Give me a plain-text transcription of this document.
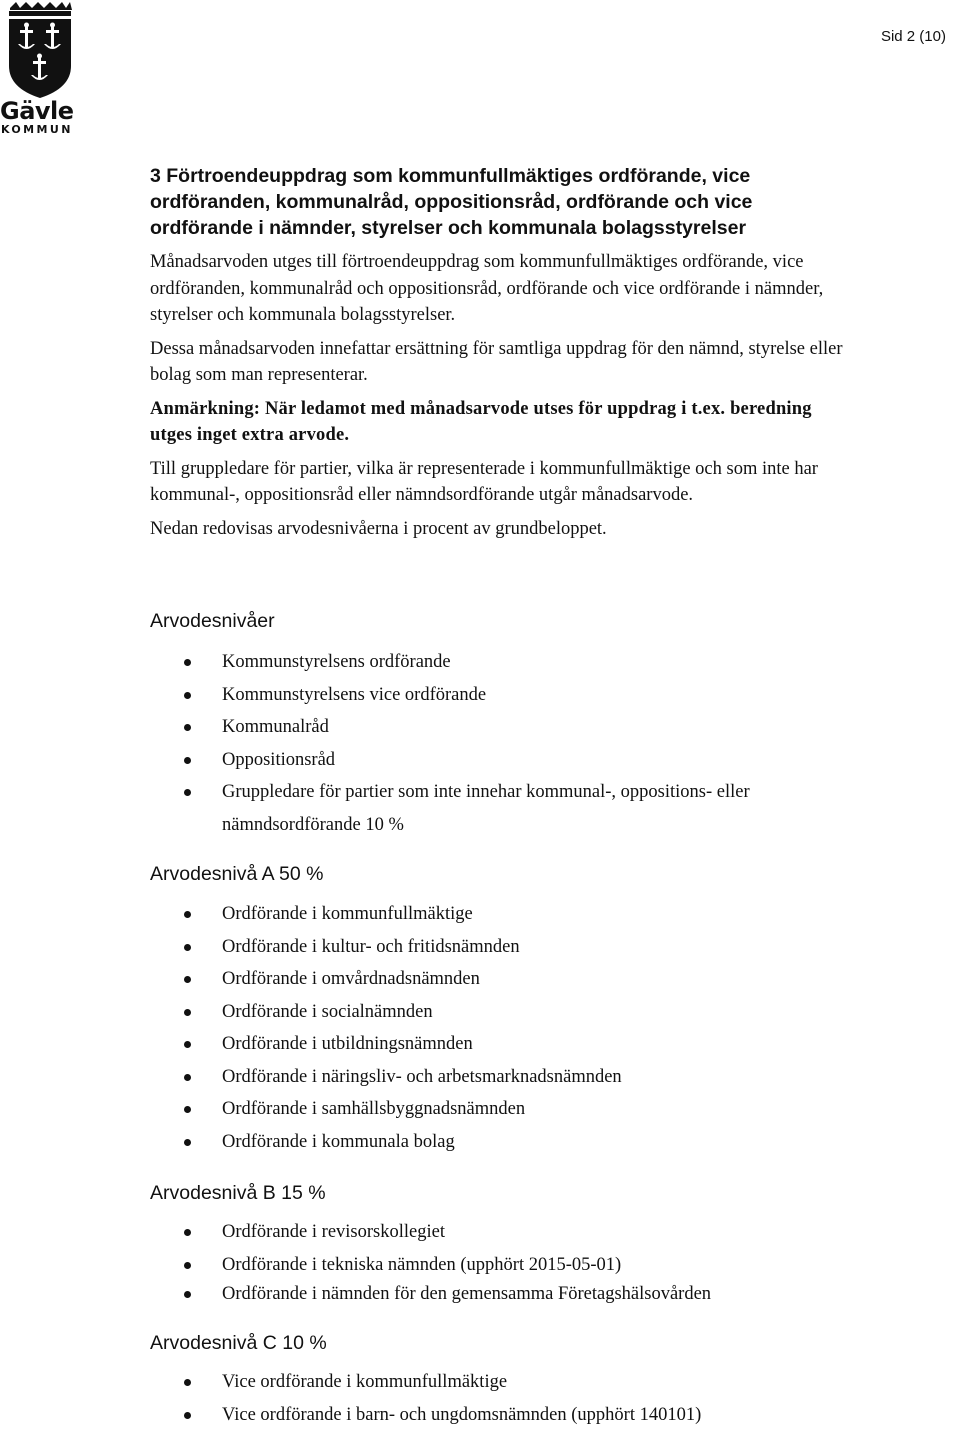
Gävle
KOMMUN
Sid 2 (10)
3 Förtroendeuppdrag som kommunfullmäktiges ordförande, vice ordföranden, kommunalråd, oppositionsråd, ordförande och vice ordförande i nämnder, styrelser och kommunala bolagsstyrelser
Månadsarvoden utges till förtroendeuppdrag som kommunfullmäktiges ordförande, vice ordföranden, kommunalråd och oppositionsråd, ordförande och vice ordförande i nämnder, styrelser och kommunala bolagsstyrelser.
Dessa månadsarvoden innefattar ersättning för samtliga uppdrag för den nämnd, styrelse eller bolag som man representerar.
Anmärkning: När ledamot med månadsarvode utses för uppdrag i t.ex. beredning utges inget extra arvode.
Till gruppledare för partier, vilka är representerade i kommunfullmäktige och som inte har kommunal-, oppositionsråd eller nämndsordförande utgår månadsarvode.
Nedan redovisas arvodesnivåerna i procent av grundbeloppet.
Arvodesnivåer
Kommunstyrelsens ordförande
Kommunstyrelsens vice ordförande
Kommunalråd
Oppositionsråd
Gruppledare för partier som inte innehar kommunal-, oppositions- eller nämndsordförande 10 %
Arvodesnivå A 50 %
Ordförande i kommunfullmäktige
Ordförande i kultur- och fritidsnämnden
Ordförande i omvårdnadsnämnden
Ordförande i socialnämnden
Ordförande i utbildningsnämnden
Ordförande i näringsliv- och arbetsmarknadsnämnden
Ordförande i samhällsbyggnadsnämnden
Ordförande i kommunala bolag
Arvodesnivå B 15 %
Ordförande i revisorskollegiet
Ordförande i tekniska nämnden (upphört 2015-05-01)
Ordförande i nämnden för den gemensamma Företagshälsovården
Arvodesnivå C 10 %
Vice ordförande i kommunfullmäktige
Vice ordförande i barn- och ungdomsnämnden (upphört 140101)
